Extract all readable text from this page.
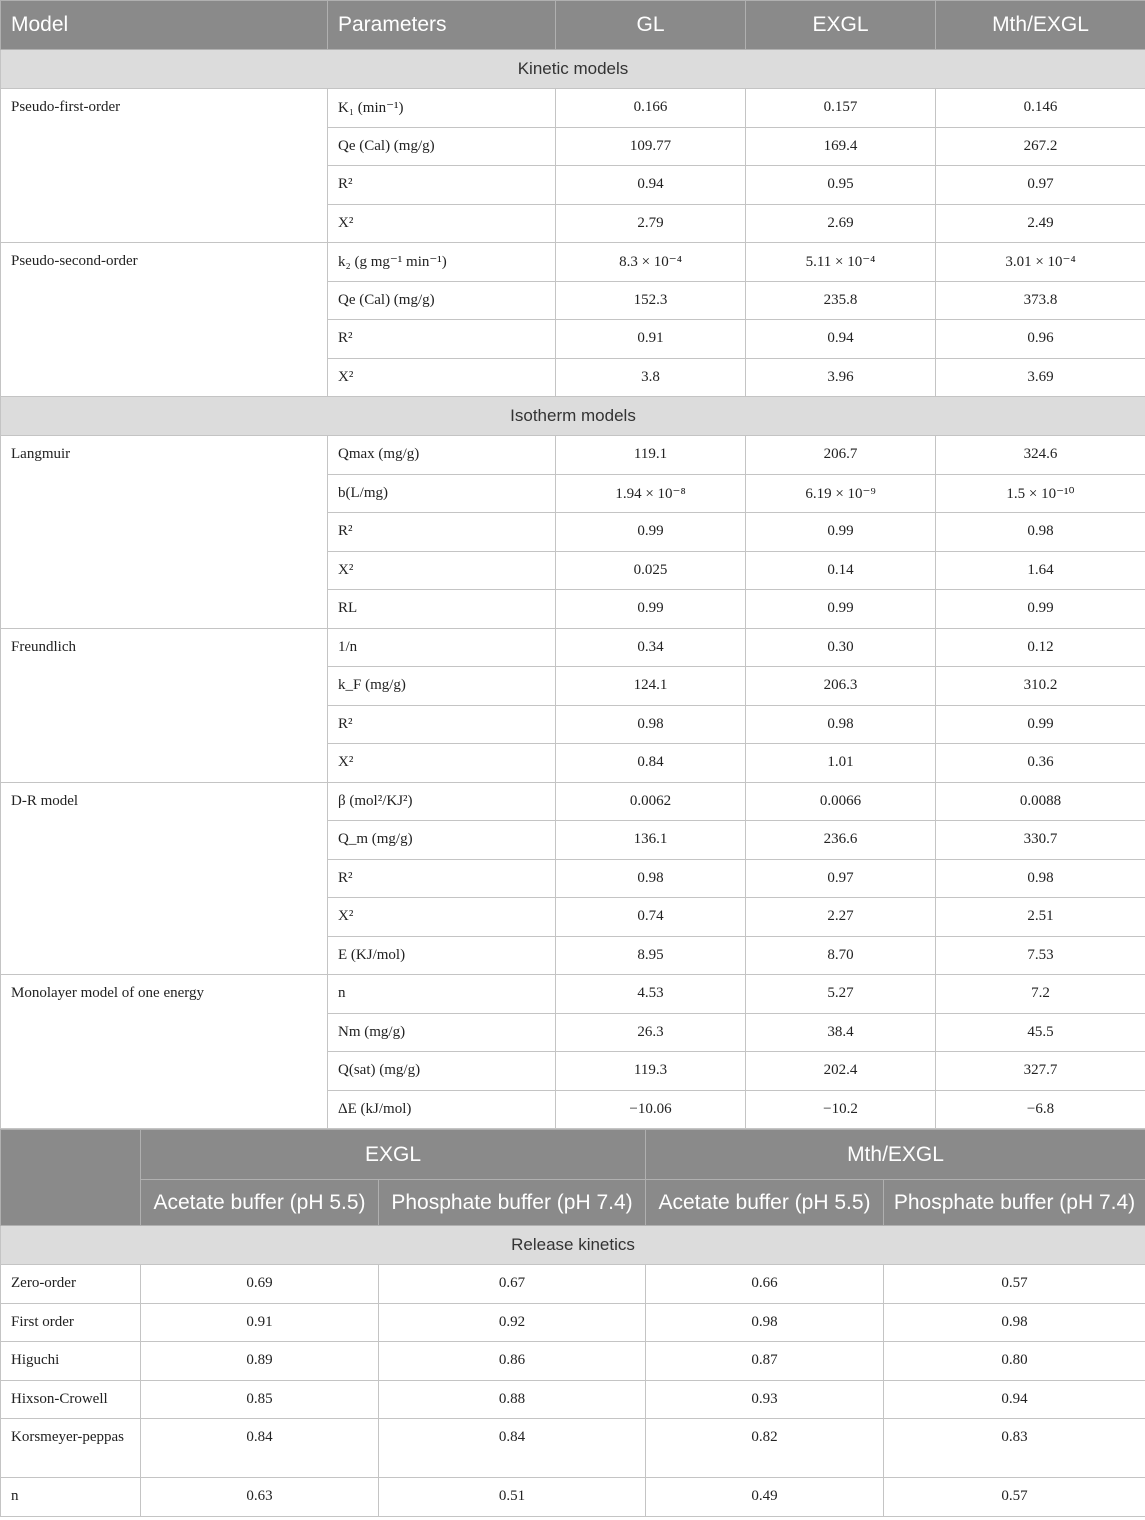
Model	Parameters	GL	EXGL	Mth/EXGL
Kinetic models				
Pseudo-first-order	K₁ (min⁻¹)	0.166	0.157	0.146
	Qe (Cal) (mg/g)	109.77	169.4	267.2
	R²	0.94	0.95	0.97
	X²	2.79	2.69	2.49
Pseudo-second-order	k₂ (g mg⁻¹ min⁻¹)	8.3 × 10⁻⁴	5.11 × 10⁻⁴	3.01 × 10⁻⁴
	Qe (Cal) (mg/g)	152.3	235.8	373.8
	R²	0.91	0.94	0.96
	X²	3.8	3.96	3.69
Isotherm models				
Langmuir	Qmax (mg/g)	119.1	206.7	324.6
	b(L/mg)	1.94 × 10⁻⁸	6.19 × 10⁻⁹	1.5 × 10⁻¹⁰
	R²	0.99	0.99	0.98
	X²	0.025	0.14	1.64
	RL	0.99	0.99	0.99
Freundlich	1/n	0.34	0.30	0.12
	k_F (mg/g)	124.1	206.3	310.2
	R²	0.98	0.98	0.99
	X²	0.84	1.01	0.36
D-R model	β (mol²/KJ²)	0.0062	0.0066	0.0088
	Q_m (mg/g)	136.1	236.6	330.7
	R²	0.98	0.97	0.98
	X²	0.74	2.27	2.51
	E (KJ/mol)	8.95	8.70	7.53
Monolayer model of one energy	n	4.53	5.27	7.2
	Nm (mg/g)	26.3	38.4	45.5
	Q(sat) (mg/g)	119.3	202.4	327.7
	ΔE (kJ/mol)	−10.06	−10.2	−6.8
	EXGL		Mth/EXGL	
	Acetate buffer (pH 5.5)	Phosphate buffer (pH 7.4)	Acetate buffer (pH 5.5)	Phosphate buffer (pH 7.4)
Release kinetics				
Zero-order	0.69	0.67	0.66	0.57
First order	0.91	0.92	0.98	0.98
Higuchi	0.89	0.86	0.87	0.80
Hixson-Crowell	0.85	0.88	0.93	0.94
Korsmeyer-peppas	0.84	0.84	0.82	0.83
n	0.63	0.51	0.49	0.57
